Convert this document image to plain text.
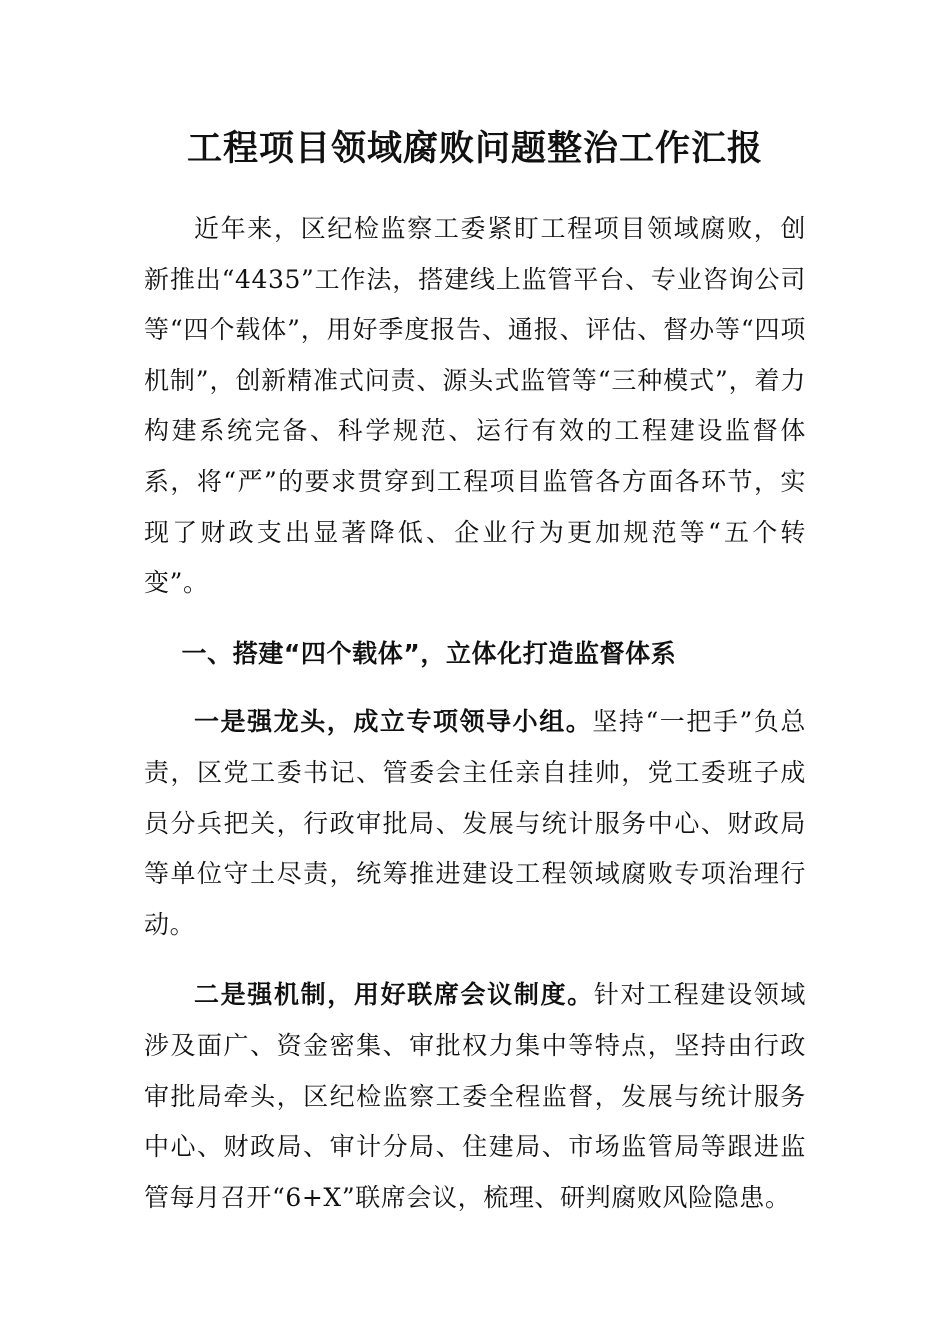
工程项目领域腐败问题整治工作汇报

近年来，区纪检监察工委紧盯工程项目领域腐败，创新推出“4435”工作法，搭建线上监管平台、专业咨询公司等“四个载体”，用好季度报告、通报、评估、督办等“四项机制”，创新精准式问责、源头式监管等“三种模式”，着力构建系统完备、科学规范、运行有效的工程建设监督体系，将“严”的要求贯穿到工程项目监管各方面各环节，实现了财政支出显著降低、企业行为更加规范等“五个转变”。

一、搭建“四个载体”，立体化打造监督体系

一是强龙头，成立专项领导小组。坚持“一把手”负总责，区党工委书记、管委会主任亲自挂帅，党工委班子成员分兵把关，行政审批局、发展与统计服务中心、财政局等单位守土尽责，统筹推进建设工程领域腐败专项治理行动。

二是强机制，用好联席会议制度。针对工程建设领域涉及面广、资金密集、审批权力集中等特点，坚持由行政审批局牵头，区纪检监察工委全程监督，发展与统计服务中心、财政局、审计分局、住建局、市场监管局等跟进监管每月召开“6+X”联席会议，梳理、研判腐败风险隐患。
